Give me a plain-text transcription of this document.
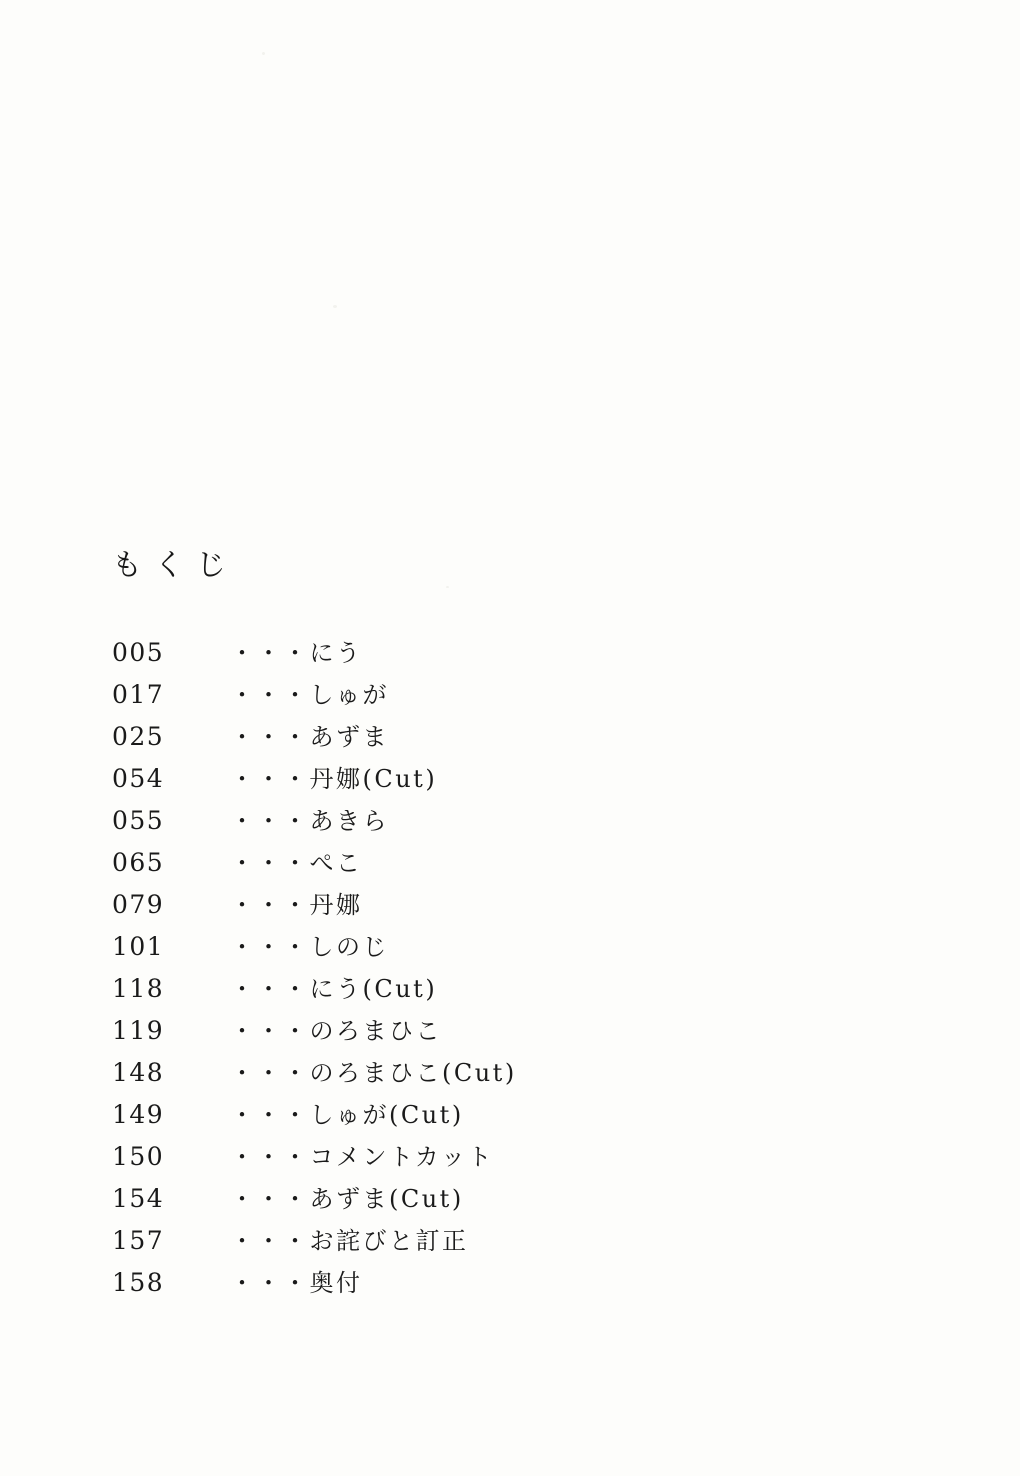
もくじ
005	・・・にう
017	・・・しゅが
025	・・・あずま
054	・・・丹娜(Cut)
055	・・・あきら
065	・・・ぺこ
079	・・・丹娜
101	・・・しのじ
118	・・・にう(Cut)
119	・・・のろまひこ
148	・・・のろまひこ(Cut)
149	・・・しゅが(Cut)
150	・・・コメントカット
154	・・・あずま(Cut)
157	・・・お詫びと訂正
158	・・・奥付
